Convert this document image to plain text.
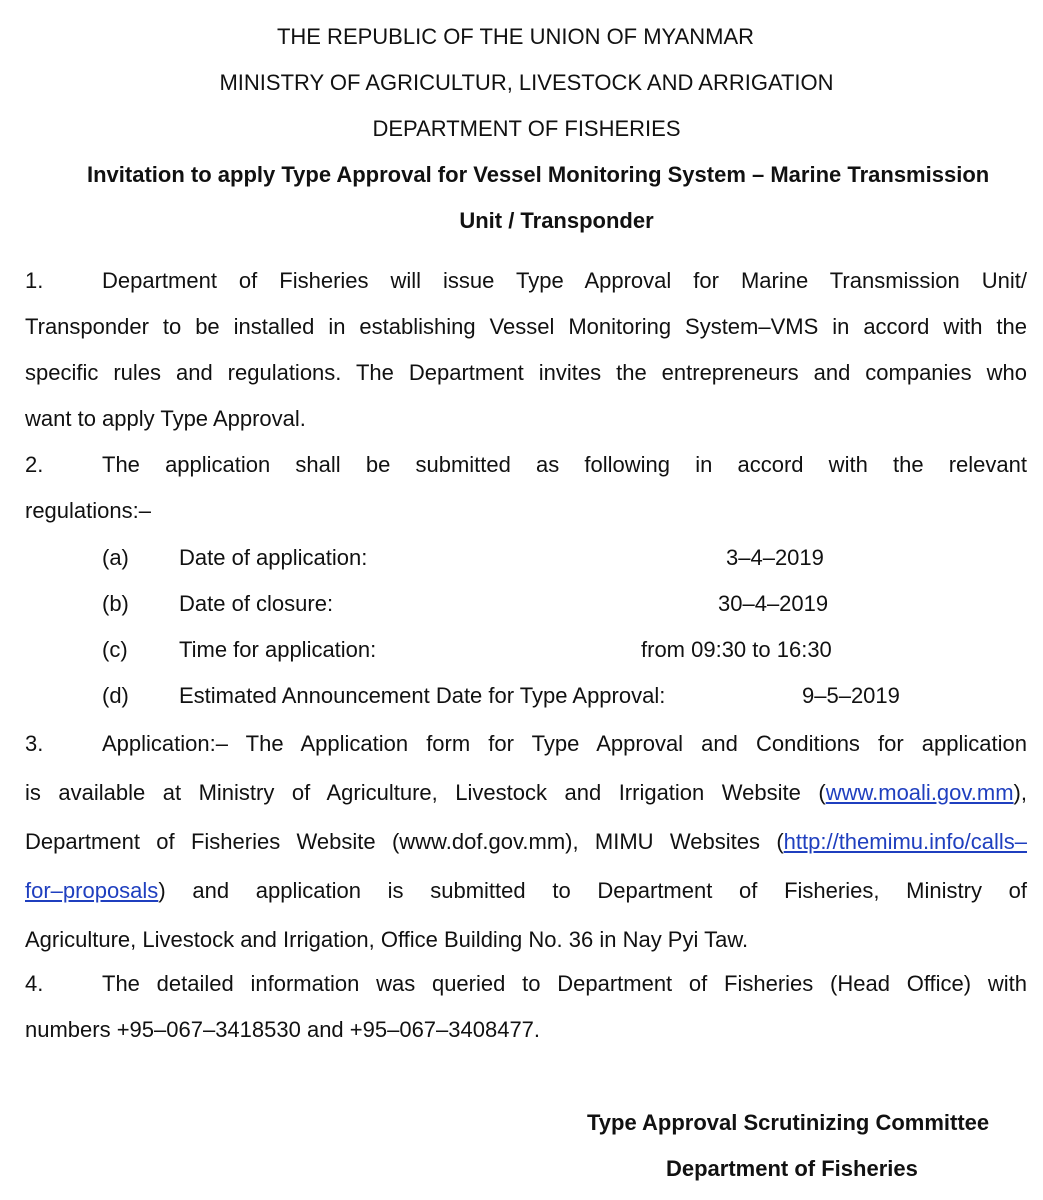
THE REPUBLIC OF THE UNION OF MYANMAR
MINISTRY OF AGRICULTUR, LIVESTOCK AND ARRIGATION
DEPARTMENT OF FISHERIES
Invitation to apply Type Approval for Vessel Monitoring System – Marine Transmission
Unit / Transponder
1.	Department of Fisheries will issue Type Approval for Marine Transmission Unit/
Transponder to be installed in establishing Vessel Monitoring System–VMS in accord with the
specific rules and regulations. The Department invites the entrepreneurs and companies who
want to apply Type Approval.
2.	The application shall be submitted as following in accord with the relevant
regulations:–
(a) Date of application:	3–4–2019
(b) Date of closure:	30–4–2019
(c) Time for application:	from 09:30 to 16:30
(d) Estimated Announcement Date for Type Approval:	9–5–2019
3.	Application:– The Application form for Type Approval and Conditions for application
is available at Ministry of Agriculture, Livestock and Irrigation Website (www.moali.gov.mm),
Department of Fisheries Website (www.dof.gov.mm), MIMU Websites (http://themimu.info/calls–
for–proposals) and application is submitted to Department of Fisheries, Ministry of
Agriculture, Livestock and Irrigation, Office Building No. 36 in Nay Pyi Taw.
4.	The detailed information was queried to Department of Fisheries (Head Office) with
numbers +95–067–3418530 and +95–067–3408477.
Type Approval Scrutinizing Committee
Department of Fisheries
